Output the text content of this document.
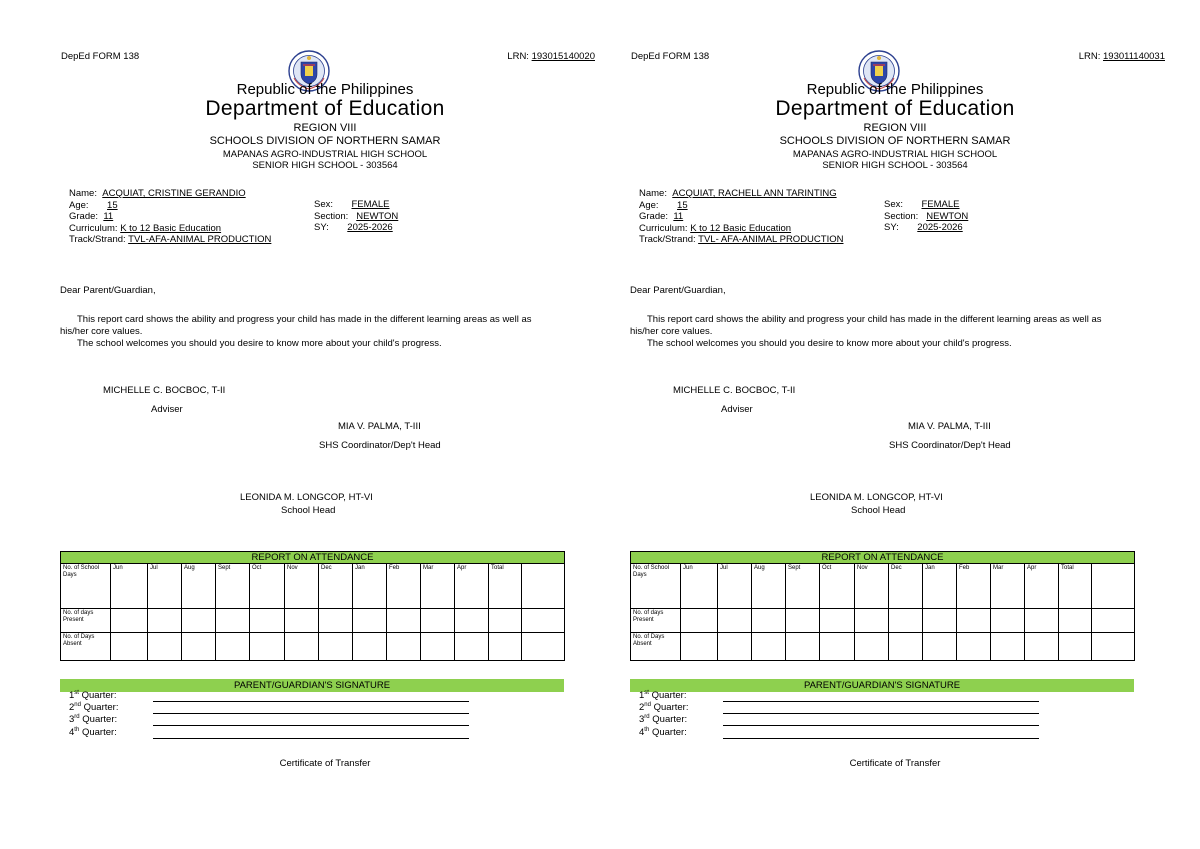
DepEd FORM 138	LRN: 193015140020
Republic of the Philippines
Department of Education
REGION VIII
SCHOOLS DIVISION OF NORTHERN SAMAR
MAPANAS AGRO-INDUSTRIAL HIGH SCHOOL
SENIOR HIGH SCHOOL - 303564
Name: ACQUIAT, CRISTINE GERANDIO
Age: 15
Grade: 11
Curriculum: K to 12 Basic Education
Track/Strand: TVL-AFA-ANIMAL PRODUCTION
Sex: FEMALE
Section: NEWTON
SY: 2025-2026
Dear Parent/Guardian,
This report card shows the ability and progress your child has made in the different learning areas as well as
his/her core values.
The school welcomes you should you desire to know more about your child's progress.
MICHELLE C. BOCBOC, T-II
Adviser
MIA V. PALMA, T-III
SHS Coordinator/Dep't Head
LEONIDA M. LONGCOP, HT-VI
School Head
REPORT ON ATTENDANCE													
No. of School Days	Jun	Jul	Aug	Sept	Oct	Nov	Dec	Jan	Feb	Mar	Apr	Total	
No. of days Present													
No. of Days Absent													
PARENT/GUARDIAN'S SIGNATURE
1st Quarter:
2nd Quarter:
3rd Quarter:
4th Quarter:
Certificate of Transfer
DepEd FORM 138	LRN: 193011140031
Republic of the Philippines
Department of Education
REGION VIII
SCHOOLS DIVISION OF NORTHERN SAMAR
MAPANAS AGRO-INDUSTRIAL HIGH SCHOOL
SENIOR HIGH SCHOOL - 303564
Name: ACQUIAT, RACHELL ANN TARINTING
Age: 15
Grade: 11
Curriculum: K to 12 Basic Education
Track/Strand: TVL- AFA-ANIMAL PRODUCTION
Sex: FEMALE
Section: NEWTON
SY: 2025-2026
Dear Parent/Guardian,
This report card shows the ability and progress your child has made in the different learning areas as well as
his/her core values.
The school welcomes you should you desire to know more about your child's progress.
MICHELLE C. BOCBOC, T-II
Adviser
MIA V. PALMA, T-III
SHS Coordinator/Dep't Head
LEONIDA M. LONGCOP, HT-VI
School Head
REPORT ON ATTENDANCE													
No. of School Days	Jun	Jul	Aug	Sept	Oct	Nov	Dec	Jan	Feb	Mar	Apr	Total	
No. of days Present													
No. of Days Absent													
PARENT/GUARDIAN'S SIGNATURE
1st Quarter:
2nd Quarter:
3rd Quarter:
4th Quarter:
Certificate of Transfer
